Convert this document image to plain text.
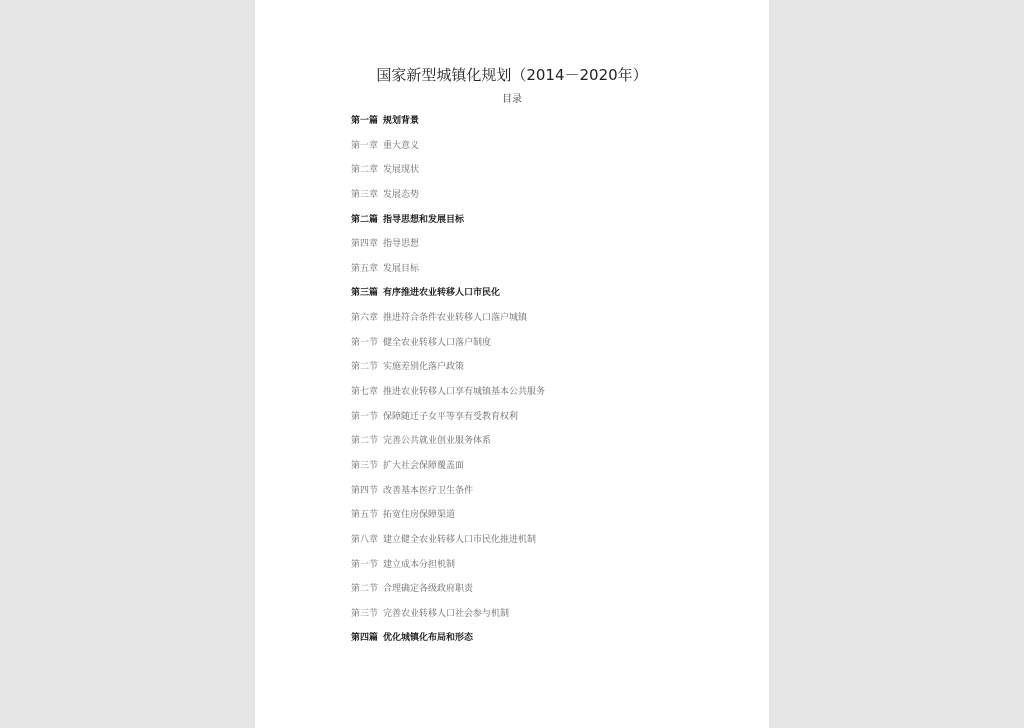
国家新型城镇化规划（2014－2020年）
目录
第一篇 规划背景
第一章 重大意义
第二章 发展现状
第三章 发展态势
第二篇 指导思想和发展目标
第四章 指导思想
第五章 发展目标
第三篇 有序推进农业转移人口市民化
第六章 推进符合条件农业转移人口落户城镇
第一节 健全农业转移人口落户制度
第二节 实施差别化落户政策
第七章 推进农业转移人口享有城镇基本公共服务
第一节 保障随迁子女平等享有受教育权利
第二节 完善公共就业创业服务体系
第三节 扩大社会保障覆盖面
第四节 改善基本医疗卫生条件
第五节 拓宽住房保障渠道
第八章 建立健全农业转移人口市民化推进机制
第一节 建立成本分担机制
第二节 合理确定各级政府职责
第三节 完善农业转移人口社会参与机制
第四篇 优化城镇化布局和形态
